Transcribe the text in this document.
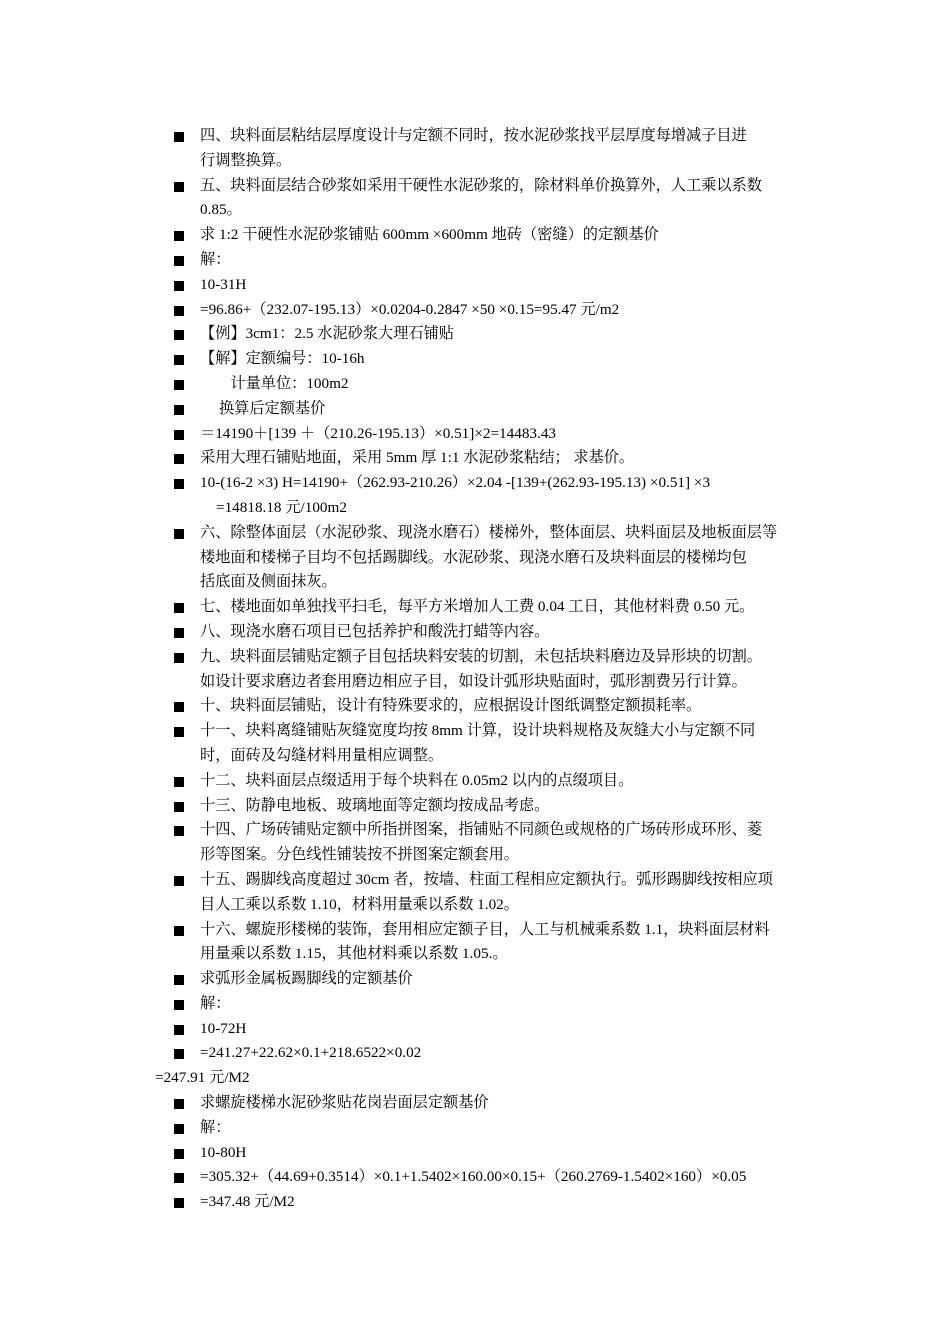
四、块料面层粘结层厚度设计与定额不同时，按水泥砂浆找平层厚度每增减子目进
行调整换算。
五、块料面层结合砂浆如采用干硬性水泥砂浆的，除材料单价换算外，人工乘以系数
0.85。
求 1:2 干硬性水泥砂浆铺贴 600mm ×600mm 地砖（密缝）的定额基价
解：
10-31H
=96.86+（232.07-195.13）×0.0204-0.2847 ×50 ×0.15=95.47 元/m2
【例】3cm1：2.5 水泥砂浆大理石铺贴
【解】定额编号：10-16h
　　计量单位：100m2
　 换算后定额基价
＝14190＋[139 ＋（210.26-195.13）×0.51]×2=14483.43
采用大理石铺贴地面，采用 5mm 厚 1:1 水泥砂浆粘结； 求基价。
10-(16-2 ×3) H=14190+（262.93-210.26）×2.04 -[139+(262.93-195.13) ×0.51] ×3
=14818.18 元/100m2
六、除整体面层（水泥砂浆、现浇水磨石）楼梯外，整体面层、块料面层及地板面层等
楼地面和楼梯子目均不包括踢脚线。水泥砂浆、现浇水磨石及块料面层的楼梯均包
括底面及侧面抹灰。
七、楼地面如单独找平扫毛，每平方米增加人工费 0.04 工日，其他材料费 0.50 元。
八、现浇水磨石项目已包括养护和酸洗打蜡等内容。
九、块料面层铺贴定额子目包括块料安装的切割，未包括块料磨边及异形块的切割。
如设计要求磨边者套用磨边相应子目，如设计弧形块贴面时，弧形割费另行计算。
十、块料面层铺贴，设计有特殊要求的，应根据设计图纸调整定额损耗率。
十一、块料离缝铺贴灰缝宽度均按 8mm 计算，设计块料规格及灰缝大小与定额不同
时，面砖及勾缝材料用量相应调整。
十二、块料面层点缀适用于每个块料在 0.05m2 以内的点缀项目。
十三、防静电地板、玻璃地面等定额均按成品考虑。
十四、广场砖铺贴定额中所指拼图案，指铺贴不同颜色或规格的广场砖形成环形、菱
形等图案。分色线性铺装按不拼图案定额套用。
十五、踢脚线高度超过 30cm 者，按墙、柱面工程相应定额执行。弧形踢脚线按相应项
目人工乘以系数 1.10，材料用量乘以系数 1.02。
十六、螺旋形楼梯的装饰，套用相应定额子目，人工与机械乘系数 1.1，块料面层材料
用量乘以系数 1.15，其他材料乘以系数 1.05.。
求弧形金属板踢脚线的定额基价
解：
10-72H
=241.27+22.62×0.1+218.6522×0.02
=247.91 元/M2
求螺旋楼梯水泥砂浆贴花岗岩面层定额基价
解：
10-80H
=305.32+（44.69+0.3514）×0.1+1.5402×160.00×0.15+（260.2769-1.5402×160）×0.05
=347.48 元/M2
